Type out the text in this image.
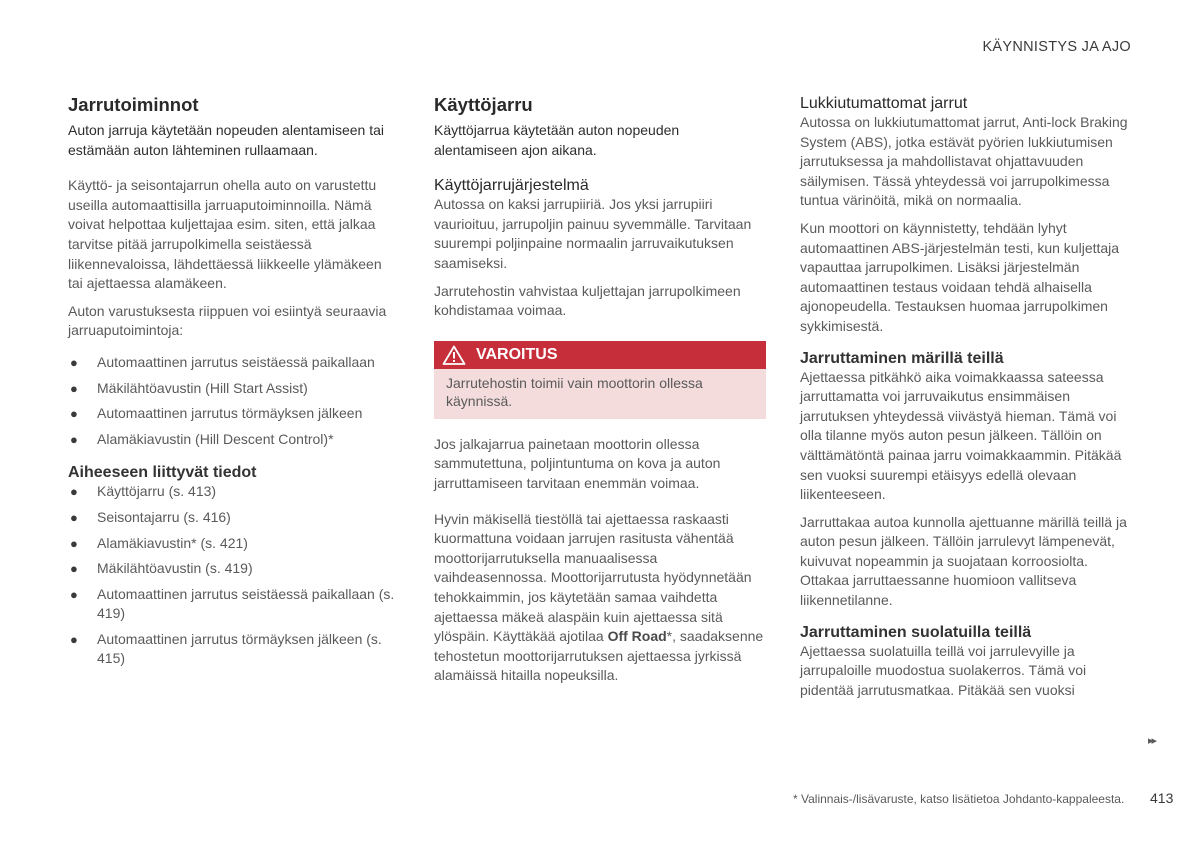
KÄYNNISTYS JA AJO
Jarrutoiminnot

Auton jarruja käytetään nopeuden alentamiseen tai estämään auton lähteminen rullaamaan.

Käyttö- ja seisontajarrun ohella auto on varustettu useilla automaattisilla jarruaputoiminnoilla. Nämä voivat helpottaa kuljettajaa esim. siten, että jalkaa tarvitse pitää jarrupolkimella seistäessä liikennevaloissa, lähdettäessä liikkeelle ylämäkeen tai ajettaessa alamäkeen.

Auton varustuksesta riippuen voi esiintyä seuraavia jarruaputoimintoja:

● Automaattinen jarrutus seistäessä paikallaan
● Mäkilähtöavustin (Hill Start Assist)
● Automaattinen jarrutus törmäyksen jälkeen
● Alamäkiavustin (Hill Descent Control)*
Aiheeseen liittyvät tiedot
● Käyttöjarru (s. 413)
● Seisontajarru (s. 416)
● Alamäkiavustin* (s. 421)
● Mäkilähtöavustin (s. 419)
● Automaattinen jarrutus seistäessä paikallaan (s. 419)
● Automaattinen jarrutus törmäyksen jälkeen (s. 415)
Käyttöjarru

Käyttöjarrua käytetään auton nopeuden alentamiseen ajon aikana.

Käyttöjarrujärjestelmä

Autossa on kaksi jarrupiiriä. Jos yksi jarrupiiri vaurioituu, jarrupoljin painuu syvemmälle. Tarvitaan suurempi poljinpaine normaalin jarruvaikutuksen saamiseksi.

Jarrutehostin vahvistaa kuljettajan jarrupolkimeen kohdistamaa voimaa.

VAROITUS
Jarrutehostin toimii vain moottorin ollessa käynnissä.

Jos jalkajarrua painetaan moottorin ollessa sammutettuna, poljintuntuma on kova ja auton jarruttamiseen tarvitaan enemmän voimaa.

Hyvin mäkisellä tiestöllä tai ajettaessa raskaasti kuormattuna voidaan jarrujen rasitusta vähentää moottorijarrutuksella manuaalisessa vaihdeasennossa. Moottorijarrutusta hyödynnetään tehokkaimmin, jos käytetään samaa vaihdetta ajettaessa mäkeä alaspäin kuin ajettaessa sitä ylöspäin. Käyttäkää ajotilaa Off Road*, saadaksenne tehostetun moottorijarrutuksen ajettaessa jyrkissä alamäissä hitailla nopeuksilla.

Lukkiutumattomat jarrut

Autossa on lukkiutumattomat jarrut, Anti-lock Braking System (ABS), jotka estävät pyörien lukkiutumisen jarrutuksessa ja mahdollistavat ohjattavuuden säilymisen. Tässä yhteydessä voi jarrupolkimessa tuntua värinöitä, mikä on normaalia.

Kun moottori on käynnistetty, tehdään lyhyt automaattinen ABS-järjestelmän testi, kun kuljettaja vapauttaa jarrupolkimen. Lisäksi järjestelmän automaattinen testaus voidaan tehdä alhaisella ajonopeudella. Testauksen huomaa jarrupolkimen sykkimisestä.

Jarruttaminen märillä teillä

Ajettaessa pitkähkö aika voimakkaassa sateessa jarruttamatta voi jarruvaikutus ensimmäisen jarrutuksen yhteydessä viivästyä hieman. Tämä voi olla tilanne myös auton pesun jälkeen. Tällöin on välttämätöntä painaa jarru voimakkaammin. Pitäkää sen vuoksi suurempi etäisyys edellä olevaan liikenteeseen.

Jarruttakaa autoa kunnolla ajettuanne märillä teillä ja auton pesun jälkeen. Tällöin jarrulevyt lämpenevät, kuivuvat nopeammin ja suojataan korroosiolta. Ottakaa jarruttaessanne huomioon vallitseva liikennetilanne.

Jarruttaminen suolatuilla teillä

Ajettaessa suolatuilla teillä voi jarrulevyille ja jarrupaloille muodostua suolakerros. Tämä voi pidentää jarrutusmatkaa. Pitäkää sen vuoksi

▸▸
* Valinnais-/lisävaruste, katso lisätietoa Johdanto-kappaleesta. 413
